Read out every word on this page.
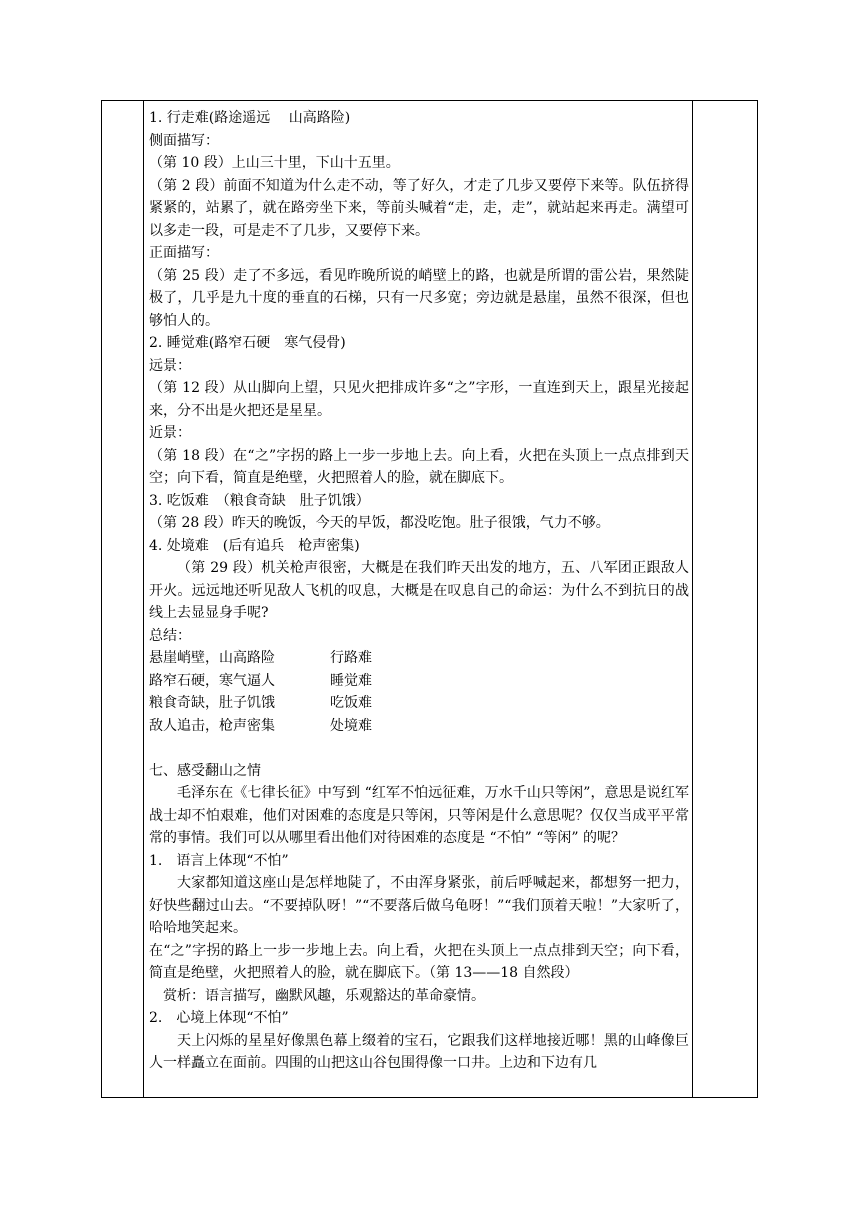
1. 行走难(路途遥远　 山高路险)
侧面描写：
（第 10 段）上山三十里，下山十五里。
（第 2 段）前面不知道为什么走不动，等了好久，才走了几步又要停下来等。队伍挤得紧紧的，站累了，就在路旁坐下来，等前头喊着“走，走，走”，就站起来再走。满望可以多走一段，可是走不了几步，又要停下来。
正面描写：
（第 25 段）走了不多远，看见昨晚所说的峭壁上的路，也就是所谓的雷公岩，果然陡极了，几乎是九十度的垂直的石梯，只有一尺多宽；旁边就是悬崖，虽然不很深，但也够怕人的。
2. 睡觉难(路窄石硬　寒气侵骨)
远景：
（第 12 段）从山脚向上望，只见火把排成许多“之”字形，一直连到天上，跟星光接起来，分不出是火把还是星星。
近景：
（第 18 段）在“之”字拐的路上一步一步地上去。向上看，火把在头顶上一点点排到天空；向下看，简直是绝壁，火把照着人的脸，就在脚底下。
3. 吃饭难　（粮食奇缺　肚子饥饿）
（第 28 段）昨天的晚饭，今天的早饭，都没吃饱。肚子很饿，气力不够。
4. 处境难　(后有追兵　枪声密集)
（第 29 段）机关枪声很密，大概是在我们昨天出发的地方，五、八军团正跟敌人开火。远远地还听见敌人飞机的叹息，大概是在叹息自己的命运：为什么不到抗日的战线上去显显身手呢?
总结：
悬崖峭壁，山高路险	行路难
路窄石硬，寒气逼人	睡觉难
粮食奇缺，肚子饥饿	吃饭难
敌人追击，枪声密集	处境难
七、感受翻山之情
毛泽东在《七律长征》中写到 “红军不怕远征难，万水千山只等闲”，意思是说红军战士却不怕艰难，他们对困难的态度是只等闲，只等闲是什么意思呢？仅仅当成平平常常的事情。我们可以从哪里看出他们对待困难的态度是 “不怕” “等闲” 的呢？
1.　语言上体现“不怕”
大家都知道这座山是怎样地陡了，不由浑身紧张，前后呼喊起来，都想努一把力，好快些翻过山去。“不要掉队呀！”“不要落后做乌龟呀！”“我们顶着天啦！”大家听了，哈哈地笑起来。
在“之”字拐的路上一步一步地上去。向上看，火把在头顶上一点点排到天空；向下看，简直是绝壁，火把照着人的脸，就在脚底下。（第 13——18 自然段）
赏析：语言描写，幽默风趣，乐观豁达的革命豪情。
2.　心境上体现“不怕”
天上闪烁的星星好像黑色幕上缀着的宝石，它跟我们这样地接近哪！黑的山峰像巨人一样矗立在面前。四围的山把这山谷包围得像一口井。上边和下边有几
